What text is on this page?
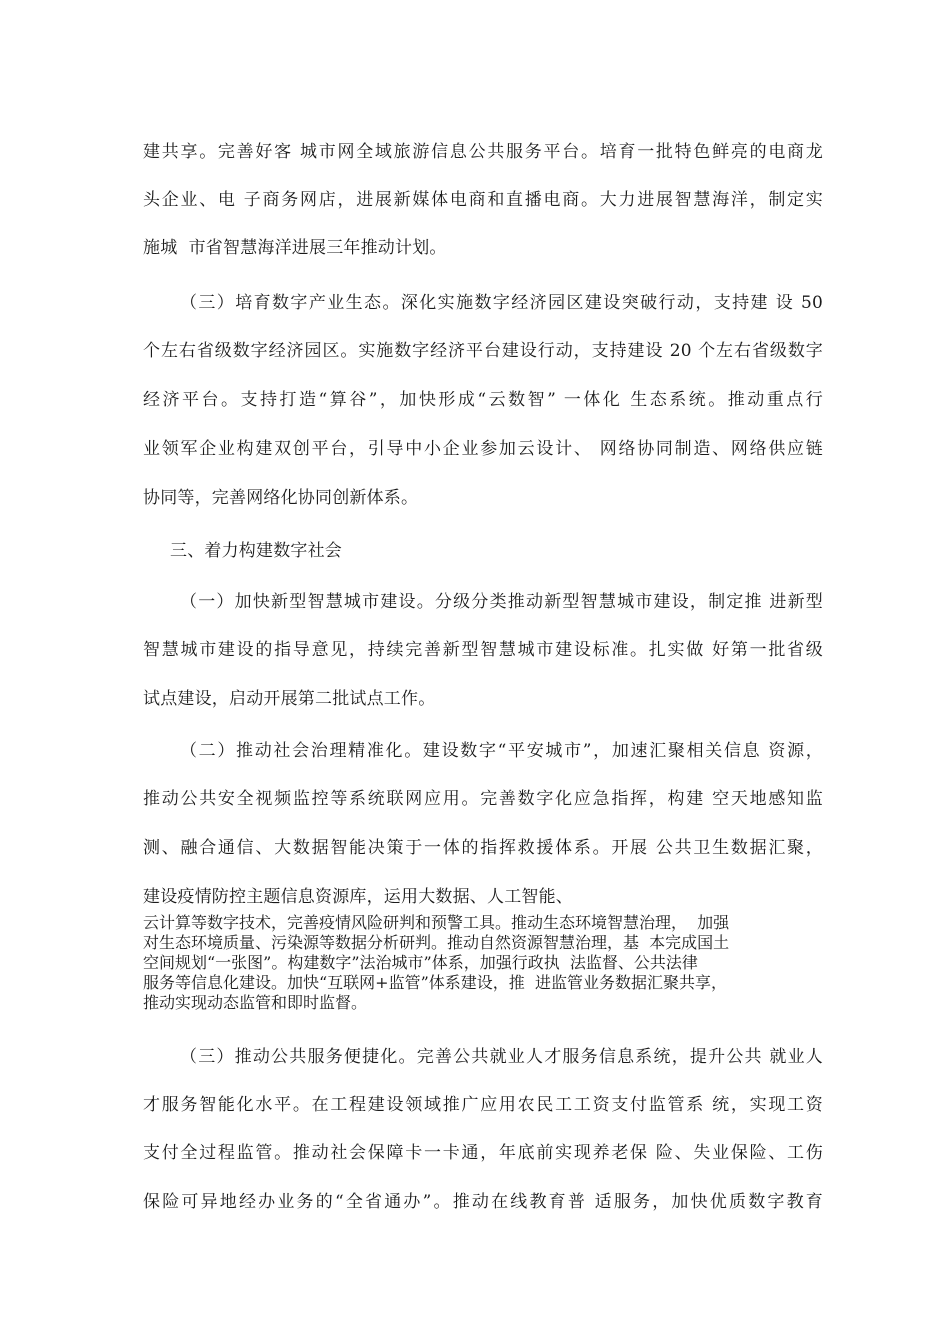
建共享。完善好客 城市网全域旅游信息公共服务平台。培育一批特色鲜亮的电商龙
头企业、电 子商务网店，进展新媒体电商和直播电商。大力进展智慧海洋，制定实
施城  市省智慧海洋进展三年推动计划。
（三）培育数字产业生态。深化实施数字经济园区建设突破行动，支持建 设 50
个左右省级数字经济园区。实施数字经济平台建设行动，支持建设 20 个左右省级数字
经济平台。支持打造“算谷”，加快形成“云数智” 一体化 生态系统。推动重点行
业领军企业构建双创平台，引导中小企业参加云设计、 网络协同制造、网络供应链
协同等，完善网络化协同创新体系。
三、着力构建数字社会
（一）加快新型智慧城市建设。分级分类推动新型智慧城市建设，制定推 进新型
智慧城市建设的指导意见，持续完善新型智慧城市建设标准。扎实做 好第一批省级
试点建设，启动开展第二批试点工作。
（二）推动社会治理精准化。建设数字“平安城市”，加速汇聚相关信息 资源，
推动公共安全视频监控等系统联网应用。完善数字化应急指挥，构建 空天地感知监
测、融合通信、大数据智能决策于一体的指挥救援体系。开展 公共卫生数据汇聚，
建设疫情防控主题信息资源库，运用大数据、人工智能、
云计算等数字技术，完善疫情风险研判和预警工具。推动生态环境智慧治理，  加强
对生态环境质量、污染源等数据分析研判。推动自然资源智慧治理，基  本完成国土
空间规划“一张图”。构建数字”法治城市”体系，加强行政执  法监督、公共法律
服务等信息化建设。加快“互联网+监管”体系建设，推  进监管业务数据汇聚共享，
推动实现动态监管和即时监督。
（三）推动公共服务便捷化。完善公共就业人才服务信息系统，提升公共 就业人
才服务智能化水平。在工程建设领域推广应用农民工工资支付监管系 统，实现工资
支付全过程监管。推动社会保障卡一卡通，年底前实现养老保 险、失业保险、工伤
保险可异地经办业务的“全省通办”。推动在线教育普 适服务，加快优质数字教育
